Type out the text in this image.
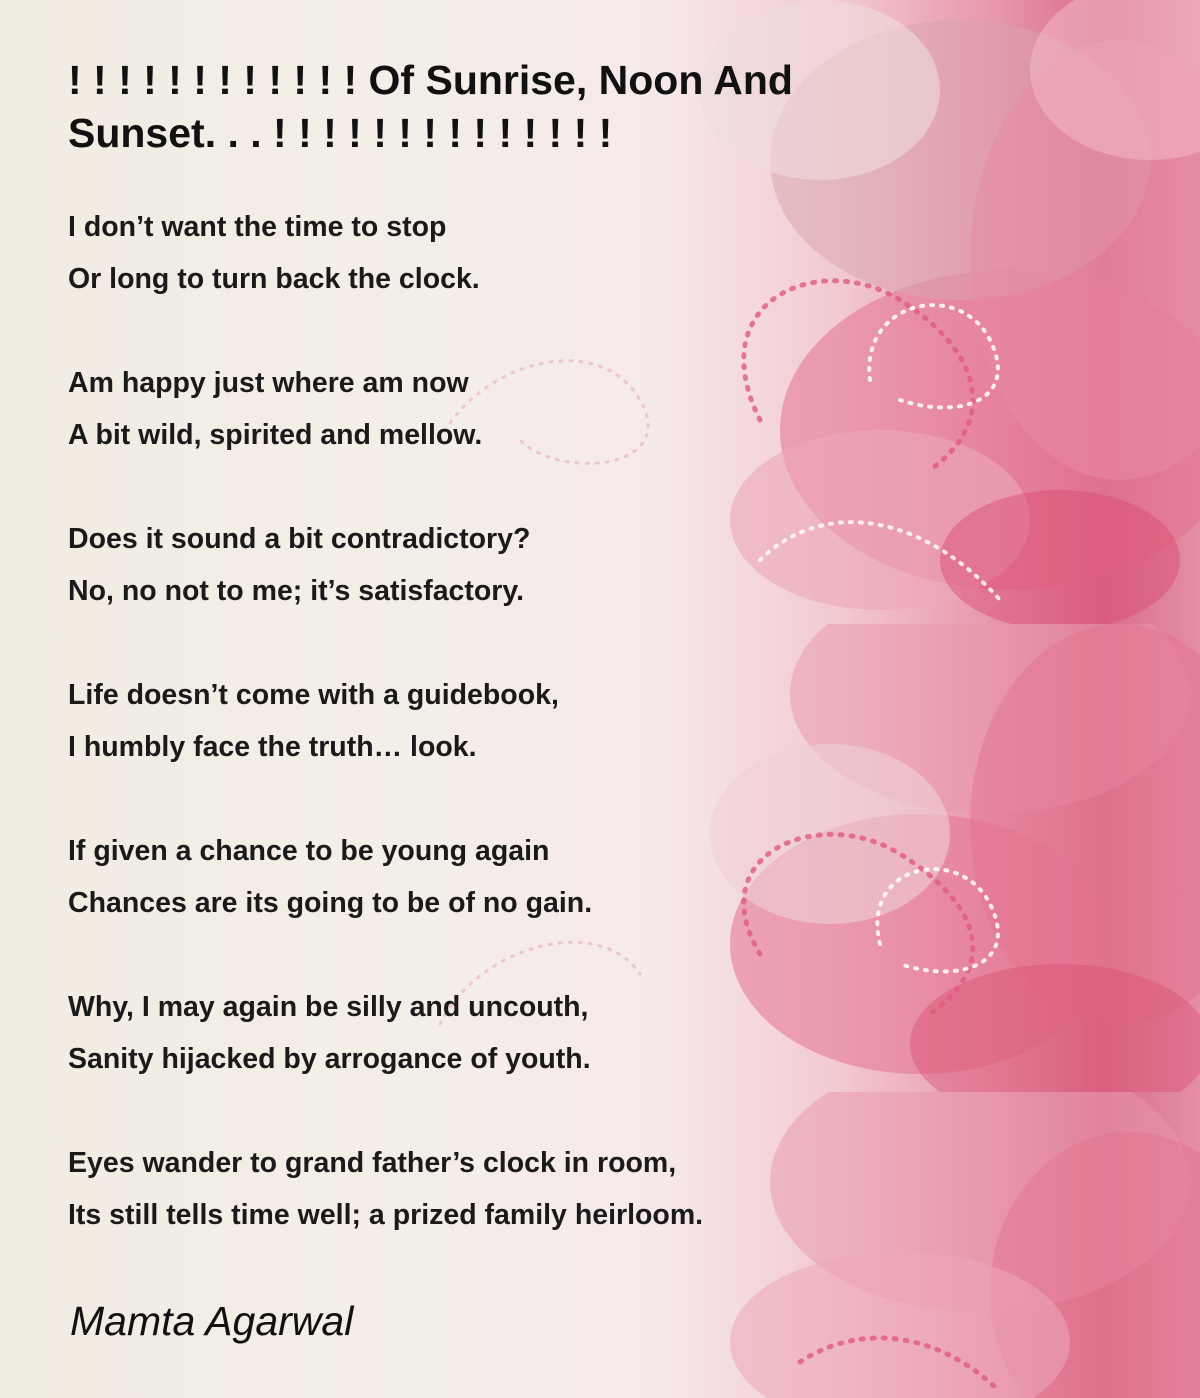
! ! ! ! ! ! ! ! ! ! ! ! Of Sunrise, Noon And Sunset. . . ! ! ! ! ! ! ! ! ! ! ! ! ! !
I don’t want the time to stop
Or long to turn back the clock.
Am happy just where am now
A bit wild, spirited and mellow.
Does it sound a bit contradictory?
No, no not to me; it’s satisfactory.
Life doesn’t come with a guidebook,
I humbly face the truth… look.
If given a chance to be young again
Chances are its going to be of no gain.
Why, I may again be silly and uncouth,
Sanity hijacked by arrogance of youth.
Eyes wander to grand father’s clock in room,
Its still tells time well; a prized family heirloom.
Mamta Agarwal
